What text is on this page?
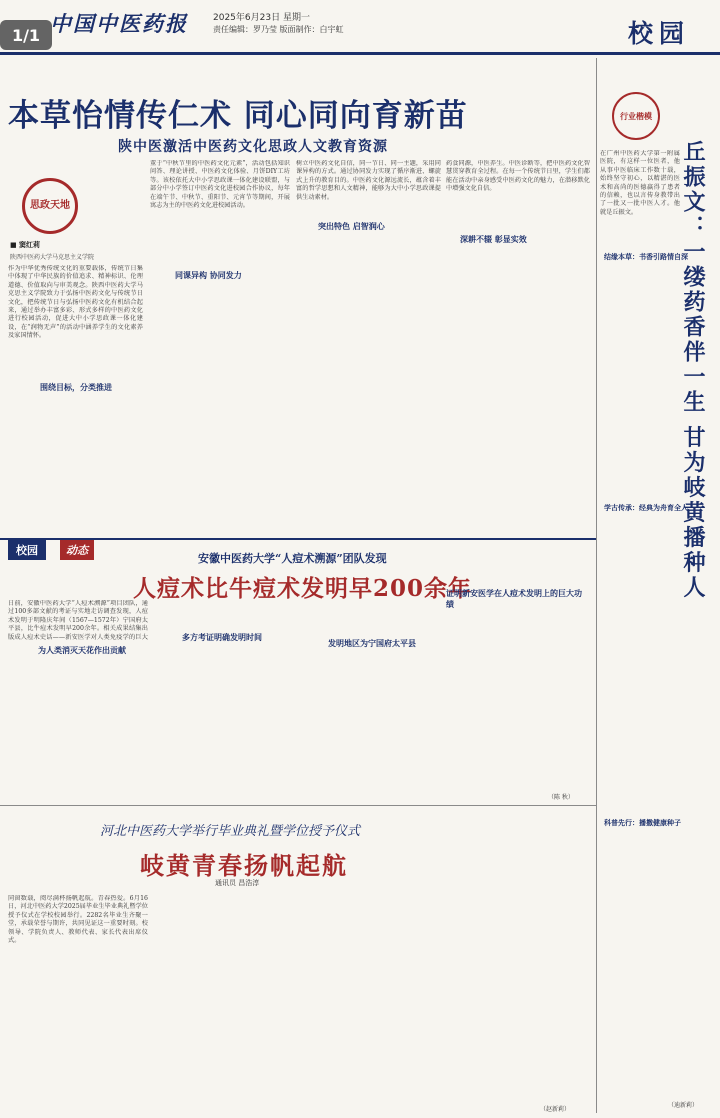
1/1 中国中医药报	2025年6月23日 星期一
责任编辑：罗乃莹 版面制作：白宇虹	校园
本草怡情传仁术 同心同向育新苗
陕中医激活中医药文化思政人文教育资源
思政天地
■ 窦红莉
陕西中医药大学马克思主义学院
围绕目标，分类推进
同课异构 协同发力
突出特色 启智润心
深耕不辍 彰显实效
作为中华优秀传统文化的重要载体，传统节日集中体现了中华民族的价值追求、精神标识、伦理道德、价值取向与审美观念。陕西中医药大学马克思主义学院致力于弘扬中医药文化与传统节日文化，把传统节日与弘扬中医药文化有机结合起来，通过举办丰富多彩、形式多样的中医药文化进行校园活动，促进大中小学思政课一体化建设，在“润物无声”的活动中涵养学生的文化素养及家国情怀。
董于“中秋节里的中医药文化元素”，活动包括知识问答、理论讲授、中医药文化体验、月饼DIY工坊等。该校依托大中小学思政课一体化建设联盟，与部分中小学签订中医药文化进校园合作协议，每年在端午节、中秋节、重阳节、元宵节等期间，开展寓志为主的中医药文化进校园活动。
树立中医药文化自信，同一节日、同一主题，采用同课异构的方式。通过协同发力实现了循序渐进、螺旋式上升的教育目的。中医药文化源远流长，蕴含着丰富的哲学思想和人文精神，能够为大中小学思政课提供生动素材。
药食同源，中医养生。中医诊断等，把中医药文化智慧贯穿教育全过程。在每一个传统节日里，学生们都能在活动中亲身感受中医药文化的魅力，在潜移默化中增强文化自信。
行业楷模
丘振文：一缕药香伴一生 甘为岐黄播种人
在广州中医药大学第一附属医院，有这样一位医者，他从事中医临床工作数十载，始终坚守初心，以精湛的医术和高尚的医德赢得了患者的信赖，也以言传身教带出了一批又一批中医人才。他就是丘振文。
结缘本草：书香引路情自深
学古传承：经典为舟育全人
科普先行：播撒健康种子
（迪新莉）
校园	动态
安徽中医药大学“人痘术溯源”团队发现
人痘术比牛痘术发明早200余年
日前，安徽中医药大学“人痘术溯源”项目团队，通过100多部文献的考证与实地走访调查发现，人痘术发明于明隆庆年间（1567—1572年）宁国府太平县，比牛痘术发明早200余年。相关成果结集出版成人痘术史话——新安医学对人类免疫学的巨大
为人类消灭天花作出贡献
多方考证明确发明时间
发明地区为宁国府太平县
证明新安医学在人痘术发明上的巨大功绩
（陈 秋）
河北中医药大学举行毕业典礼暨学位授予仪式
岐黄青春扬帆起航
通讯员 昌浩淳
同窗数载，阅尽满杯扬帆起航。青春热爱。6月16日，河北中医药大学2025届毕业生毕业典礼暨学位授予仪式在学校校园举行。2282名毕业生齐聚一堂，承载荣誉与期许，共同见证这一重要时刻。校领导、学院负责人、教师代表、家长代表出席仪式。
（赵新莉）
